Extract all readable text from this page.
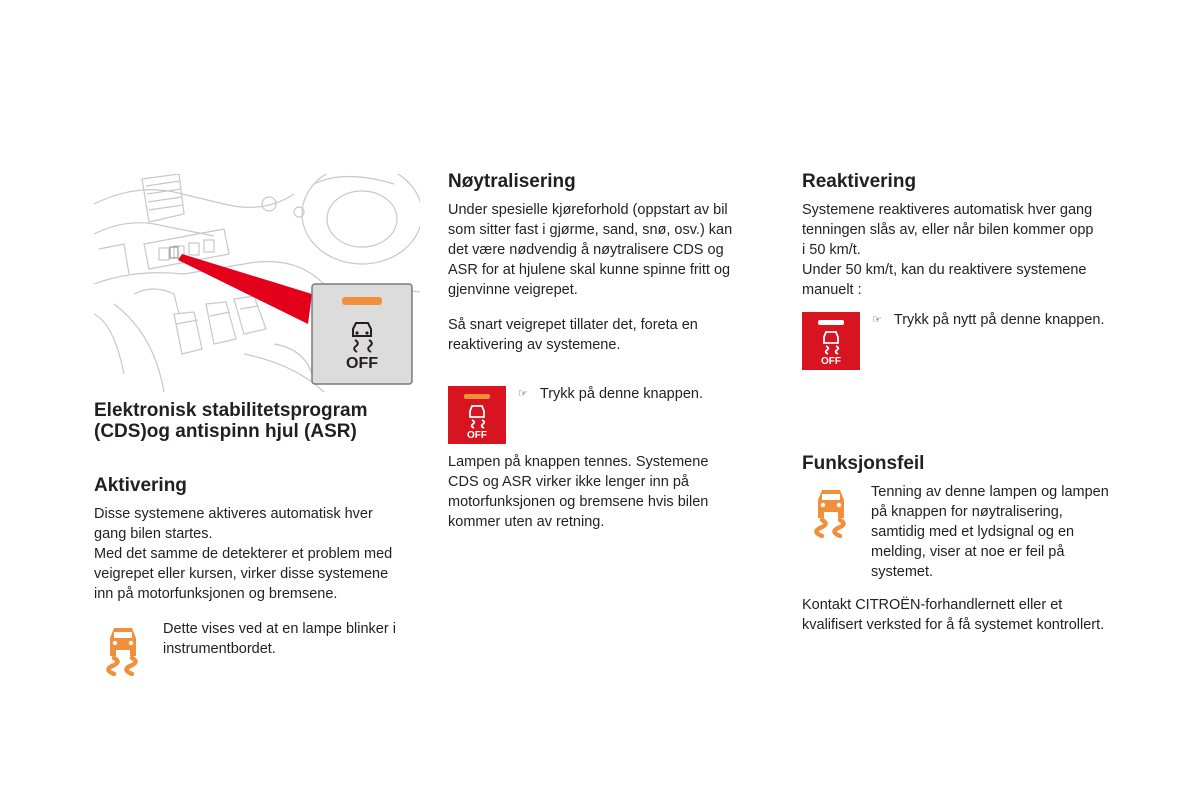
OFF
Elektronisk stabilitetsprogram (CDS)og antispinn hjul (ASR)
Aktivering

Disse systemene aktiveres automatisk hver
gang bilen startes.
Med det samme de detekterer et problem med
veigrepet eller kursen, virker disse systemene
inn på motorfunksjonen og bremsene.

Dette vises ved at en lampe blinker i
instrumentbordet.

Nøytralisering

Under spesielle kjøreforhold (oppstart av bil
som sitter fast i gjørme, sand, snø, osv.) kan
det være nødvendig å nøytralisere CDS og
ASR for at hjulene skal kunne spinne fritt og
gjenvinne veigrepet.

Så snart veigrepet tillater det, foreta en
reaktivering av systemene.

OFF
☞ Trykk på denne knappen.

Lampen på knappen tennes. Systemene
CDS og ASR virker ikke lenger inn på
motorfunksjonen og bremsene hvis bilen
kommer uten av retning.

Reaktivering

Systemene reaktiveres automatisk hver gang
tenningen slås av, eller når bilen kommer opp
i 50 km/t.
Under 50 km/t, kan du reaktivere systemene
manuelt :

OFF
☞ Trykk på nytt på denne knappen.

Funksjonsfeil

Tenning av denne lampen og lampen
på knappen for nøytralisering,
samtidig med et lydsignal og en
melding, viser at noe er feil på
systemet.

Kontakt CITROËN-forhandlernett eller et
kvalifisert verksted for å få systemet kontrollert.
